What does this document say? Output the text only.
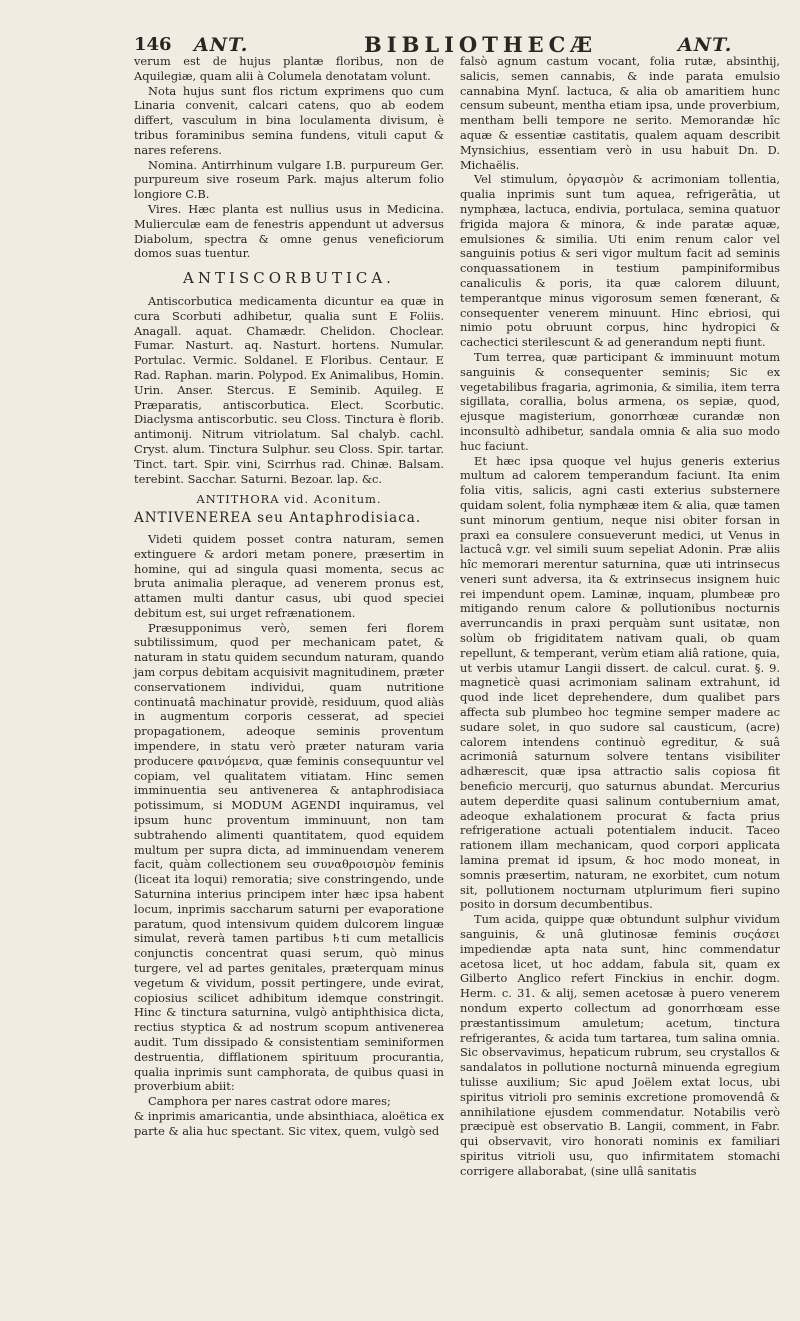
146 ANT.	BIBLIOTHECÆ	ANT.

verum est de hujus plantæ floribus, non de Aquilegiæ, quam alii à Columela denotatam volunt.

Nota hujus sunt flos rictum exprimens quo cum Linaria convenit, calcari catens, quo ab eodem differt, vasculum in bina loculamenta divisum, è tribus foraminibus semina fundens, vituli caput & nares referens.

Nomina. Antirrhinum vulgare I.B. purpureum Ger. purpureum sive roseum Park. majus alterum folio longiore C.B.

Vires. Hæc planta est nullius usus in Medicina. Mulierculæ eam de fenestris appendunt ut adversus Diabolum, spectra & omne genus veneficiorum domos suas tuentur.

ANTISCORBUTICA.

Antiscorbutica medicamenta dicuntur ea quæ in cura Scorbuti adhibetur, qualia sunt E Foliis. Anagall. aquat. Chamædr. Chelidon. Choclear. Fumar. Nasturt. aq. Nasturt. hortens. Numular. Portulac. Vermic. Soldanel. E Floribus. Centaur. E Rad. Raphan. marin. Polypod. Ex Animalibus, Homin. Urin. Anser. Stercus. E Seminib. Aquileg. E Præparatis, antiscorbutica. Elect. Scorbutic. Diaclysma antiscorbutic. seu Closs. Tinctura è florib. antimonij. Nitrum vitriolatum. Sal chalyb. cachl. Cryst. alum. Tinctura Sulphur. seu Closs. Spir. tartar. Tinct. tart. Spir. vini, Scirrhus rad. Chinæ. Balsam. terebint. Sacchar. Saturni. Bezoar. lap. &c.

ANTITHORA vid. Aconitum.

ANTIVENEREA seu Antaphrodisiaca.

Videti quidem posset contra naturam, semen extinguere & ardori metam ponere, præsertim in homine, qui ad singula quasi momenta, secus ac bruta animalia pleraque, ad venerem pronus est, attamen multi dantur casus, ubi quod speciei debitum est, sui urget refrænationem.

Præsupponimus verò, semen feri florem subtilissimum, quod per mechanicam patet, & naturam in statu quidem secundum naturam, quando jam corpus debitam acquisivit magnitudinem, præter conservationem individui, quam nutritione continuatâ machinatur providè, residuum, quod aliàs in augmentum corporis cesserat, ad speciei propagationem, adeoque seminis proventum impendere, in statu verò præter naturam varia producere φαινόμενα, quæ feminis consequuntur vel copiam, vel qualitatem vitiatam. Hinc semen imminuentia seu antivenerea & antaphrodisiaca potissimum, si MODUM AGENDI inquiramus, vel ipsum hunc proventum imminuunt, non tam subtrahendo alimenti quantitatem, quod equidem multum per supra dicta, ad imminuendam venerem facit, quàm collectionem seu συναθροισμὸν feminis (liceat ita loqui) remoratia; sive constringendo, unde Saturnina interius principem inter hæc ipsa habent locum, inprimis saccharum saturni per evaporatione paratum, quod intensivum quidem dulcorem linguæ simulat, reverà tamen partibus ♄ti cum metallicis conjunctis concentrat quasi serum, quò minus turgere, vel ad partes genitales, præterquam minus vegetum & vividum, possit pertingere, unde evirat, copiosius scilicet adhibitum idemque constringit. Hinc & tinctura saturnina, vulgò antiphthisica dicta, rectius styptica & ad nostrum scopum antivenerea audit. Tum dissipado & consistentiam seminiformen destruentia, difflationem spirituum procurantia, qualia inprimis sunt camphorata, de quibus quasi in proverbium abiit:

Camphora per nares castrat odore mares;

& inprimis amaricantia, unde absinthiaca, aloëtica ex parte & alia huc spectant. Sic vitex, quem, vulgò sed

falsò agnum castum vocant, folia rutæ, absinthij, salicis, semen cannabis, & inde parata emulsio cannabina Mynſ. lactuca, & alia ob amaritiem hunc censum subeunt, mentha etiam ipsa, unde proverbium, mentham belli tempore ne serito. Memorandæ hîc aquæ & essentiæ castitatis, qualem aquam describit Mynsichius, essentiam verò in usu habuit Dn. D. Michaëlis.

Vel stimulum, ὀργασμὸν & acrimoniam tollentia, qualia inprimis sunt tum aquea, refrigerātia, ut nymphæa, lactuca, endivia, portulaca, semina quatuor frigida majora & minora, & inde paratæ aquæ, emulsiones & similia. Uti enim renum calor vel sanguinis potius & seri vigor multum facit ad seminis conquassationem in testium pampiniformibus canaliculis & poris, ita quæ calorem diluunt, temperantque minus vigorosum semen fœnerant, & consequenter venerem minuunt. Hinc ebriosi, qui nimio potu obruunt corpus, hinc hydropici & cachectici sterilescunt & ad generandum nepti fiunt.

Tum terrea, quæ participant & imminuunt motum sanguinis & consequenter seminis; Sic ex vegetabilibus fragaria, agrimonia, & similia, item terra sigillata, corallia, bolus armena, os sepiæ, quod, ejusque magisterium, gonorrhœæ curandæ non inconsultò adhibetur, sandala omnia & alia suo modo huc faciunt.

Et hæc ipsa quoque vel hujus generis exterius multum ad calorem temperandum faciunt. Ita enim folia vitis, salicis, agni casti exterius substernere quidam solent, folia nymphææ item & alia, quæ tamen sunt minorum gentium, neque nisi obiter forsan in praxi ea consulere consueverunt medici, ut Venus in lactucâ v.gr. vel simili suum sepeliat Adonin. Præ aliis hîc memorari merentur saturnina, quæ uti intrinsecus veneri sunt adversa, ita & extrinsecus insignem huic rei impendunt opem. Laminæ, inquam, plumbeæ pro mitigando renum calore & pollutionibus nocturnis averruncandis in praxi perquàm sunt usitatæ, non solùm ob frigiditatem nativam quali, ob quam repellunt, & temperant, verùm etiam aliâ ratione, quia, ut verbis utamur Langii dissert. de calcul. curat. §. 9. magneticè quasi acrimoniam salinam extrahunt, id quod inde licet deprehendere, dum qualibet pars affecta sub plumbeo hoc tegmine semper madere ac sudare solet, in quo sudore sal causticum, (acre) calorem intendens continuò egreditur, & suâ acrimoniâ saturnum solvere tentans visibiliter adhærescit, quæ ipsa attractio salis copiosa fit beneficio mercurij, quo saturnus abundat. Mercurius autem deperdite quasi salinum contubernium amat, adeoque exhalationem procurat & facta prius refrigeratione actuali potentialem inducit. Taceo rationem illam mechanicam, quod corpori applicata lamina premat id ipsum, & hoc modo moneat, in somnis præsertim, naturam, ne exorbitet, cum notum sit, pollutionem nocturnam utplurimum fieri supino posito in dorsum decumbentibus.

Tum acida, quippe quæ obtundunt sulphur vividum sanguinis, & unâ glutinosæ feminis συςάσει impediendæ apta nata sunt, hinc commendatur acetosa licet, ut hoc addam, fabula sit, quam ex Gilberto Anglico refert Finckius in enchir. dogm. Herm. c. 31. & alij, semen acetosæ à puero venerem nondum experto collectum ad gonorrhœam esse præstantissimum amuletum; acetum, tinctura refrigerantes, & acida tum tartarea, tum salina omnia. Sic observavimus, hepaticum rubrum, seu crystallos & sandalatos in pollutione nocturnâ minuenda egregium tulisse auxilium; Sic apud Joëlem extat locus, ubi spiritus vitrioli pro seminis excretione promovendâ & annihilatione ejusdem commendatur. Notabilis verò præcipuè est observatio B. Langii, comment, in Fabr. qui observavit, viro honorati nominis ex familiari spiritus vitrioli usu, quo infirmitatem stomachi corrigere allaborabat, (sine ullâ sanitatis
